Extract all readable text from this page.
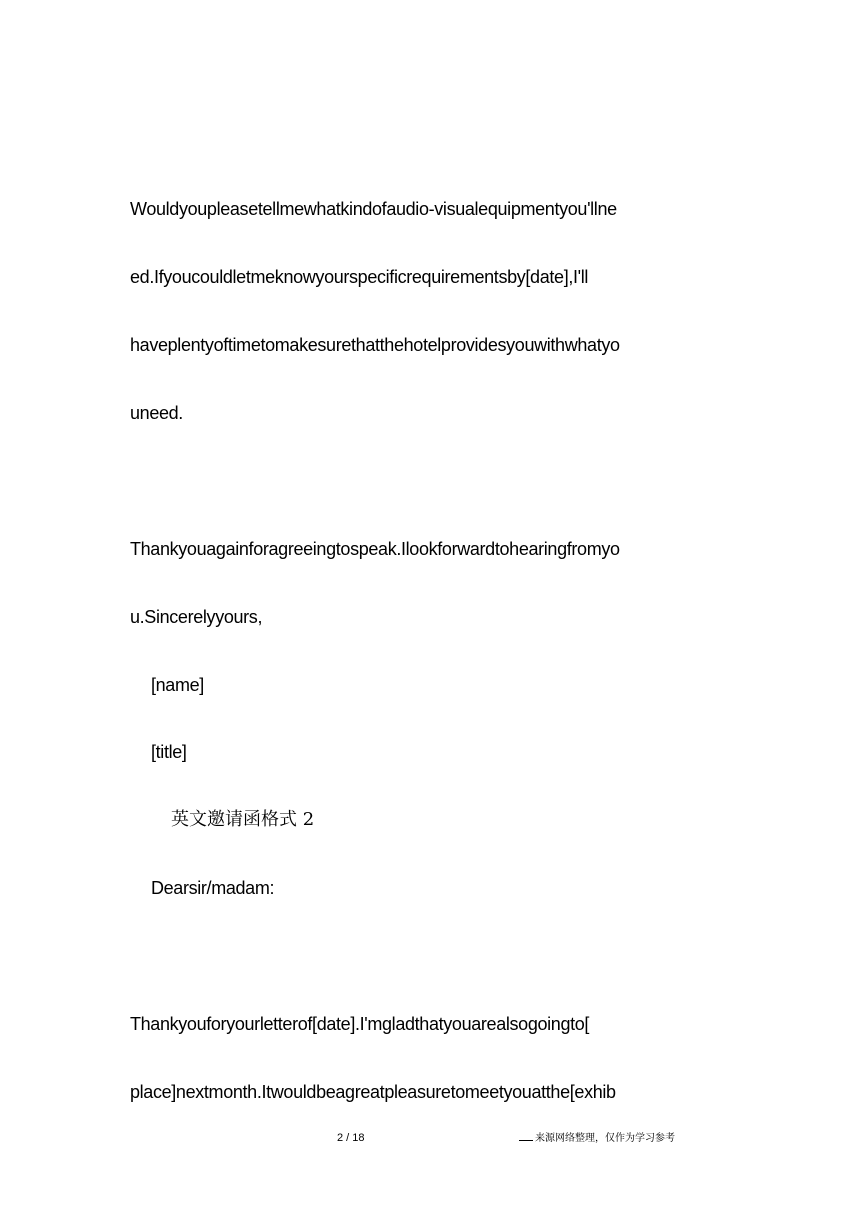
Wouldyoupleasetellmewhatkindofaudio-visualequipmentyou'llne
ed.Ifyoucouldletmeknowyourspecificrequirementsby[date],I'll
haveplentyoftimetomakesurethatthehotelprovidesyouwithwhatyo
uneed.
Thankyouagainforagreeingtospeak.Ilookforwardtohearingfromyo
u.Sincerelyyours,
[name]
[title]
英文邀请函格式 2
Dearsir/madam:
Thankyouforyourletterof[date].I'mgladthatyouarealsogoingto[
place]nextmonth.Itwouldbeagreatpleasuretomeetyouatthe[exhib
2 / 18	来源网络整理，仅作为学习参考
